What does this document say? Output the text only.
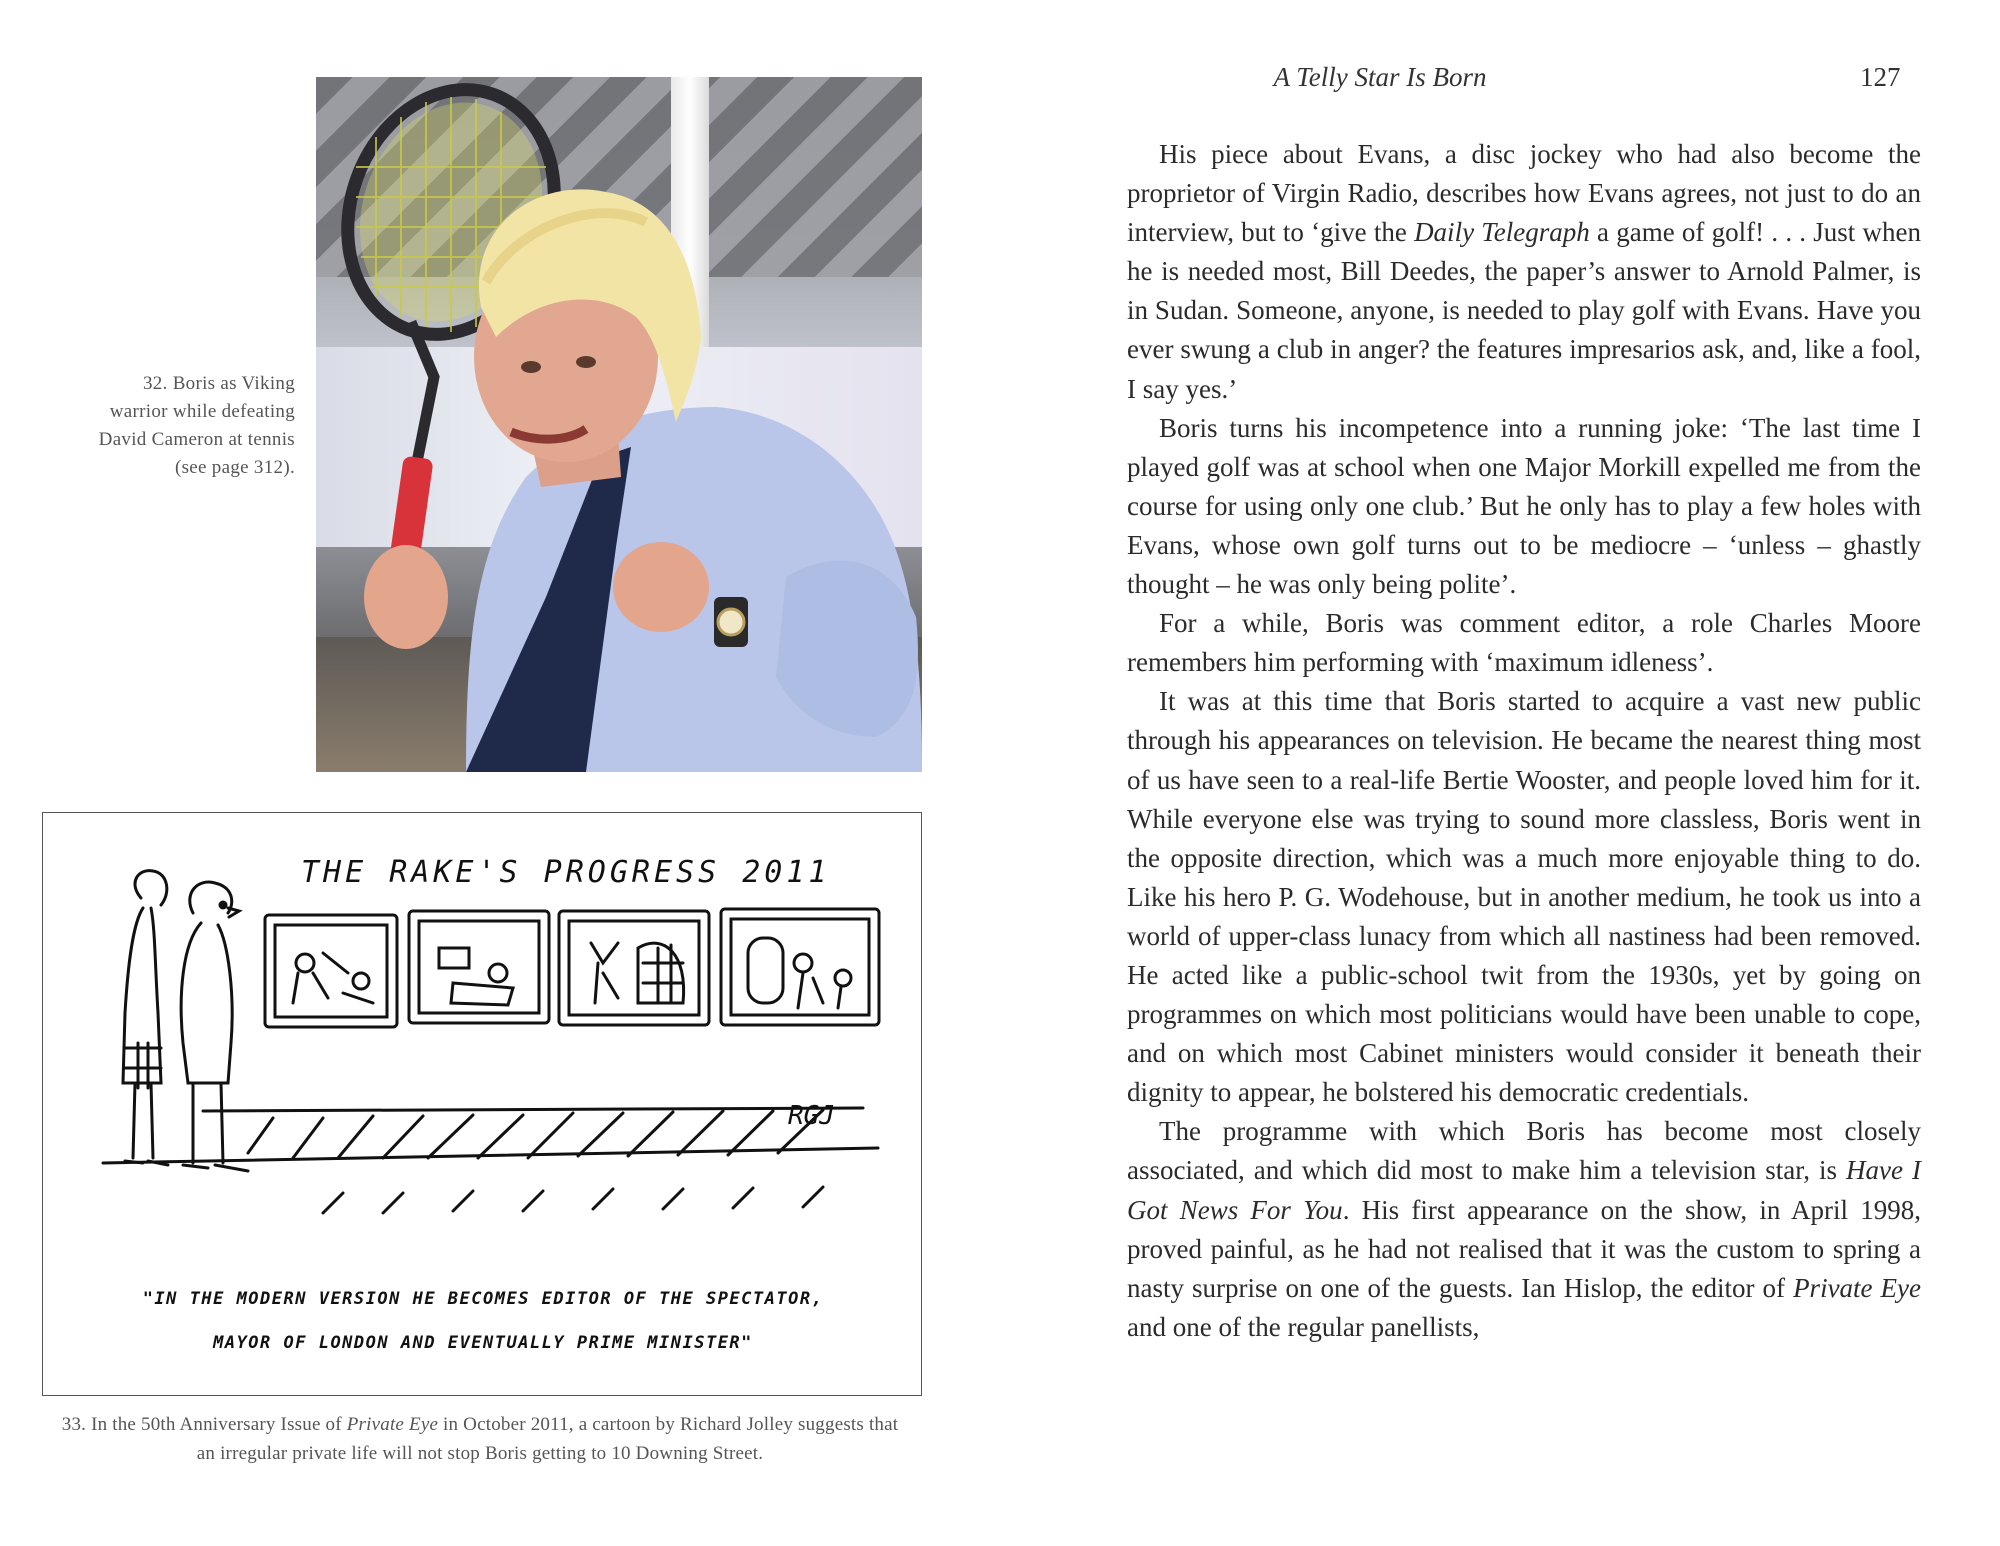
32. Boris as Viking
warrior while defeating
David Cameron at tennis
(see page 312).
THE RAKE'S PROGRESS 2011
RGJ
"IN THE MODERN VERSION HE BECOMES EDITOR OF THE SPECTATOR,
MAYOR OF LONDON AND EVENTUALLY PRIME MINISTER"
33. In the 50th Anniversary Issue of Private Eye in October 2011, a cartoon by Richard Jolley suggests that an irregular private life will not stop Boris getting to 10 Downing Street.
A Telly Star Is Born	127

His piece about Evans, a disc jockey who had also become the proprietor of Virgin Radio, describes how Evans agrees, not just to do an interview, but to ‘give the Daily Telegraph a game of golf! . . . Just when he is needed most, Bill Deedes, the paper’s answer to Arnold Palmer, is in Sudan. Someone, anyone, is needed to play golf with Evans. Have you ever swung a club in anger? the features impresarios ask, and, like a fool, I say yes.’

Boris turns his incompetence into a running joke: ‘The last time I played golf was at school when one Major Morkill expelled me from the course for using only one club.’ But he only has to play a few holes with Evans, whose own golf turns out to be mediocre – ‘unless – ghastly thought – he was only being polite’.

For a while, Boris was comment editor, a role Charles Moore remembers him performing with ‘maximum idleness’.

It was at this time that Boris started to acquire a vast new public through his appearances on television. He became the nearest thing most of us have seen to a real-life Bertie Wooster, and people loved him for it. While everyone else was trying to sound more classless, Boris went in the opposite direction, which was a much more enjoyable thing to do. Like his hero P. G. Wodehouse, but in another medium, he took us into a world of upper-class lunacy from which all nastiness had been removed. He acted like a public-school twit from the 1930s, yet by going on programmes on which most politicians would have been unable to cope, and on which most Cabinet ministers would consider it beneath their dignity to appear, he bolstered his democratic credentials.

The programme with which Boris has become most closely associated, and which did most to make him a television star, is Have I Got News For You. His first appearance on the show, in April 1998, proved painful, as he had not realised that it was the custom to spring a nasty surprise on one of the guests. Ian Hislop, the editor of Private Eye and one of the regular panellists,
